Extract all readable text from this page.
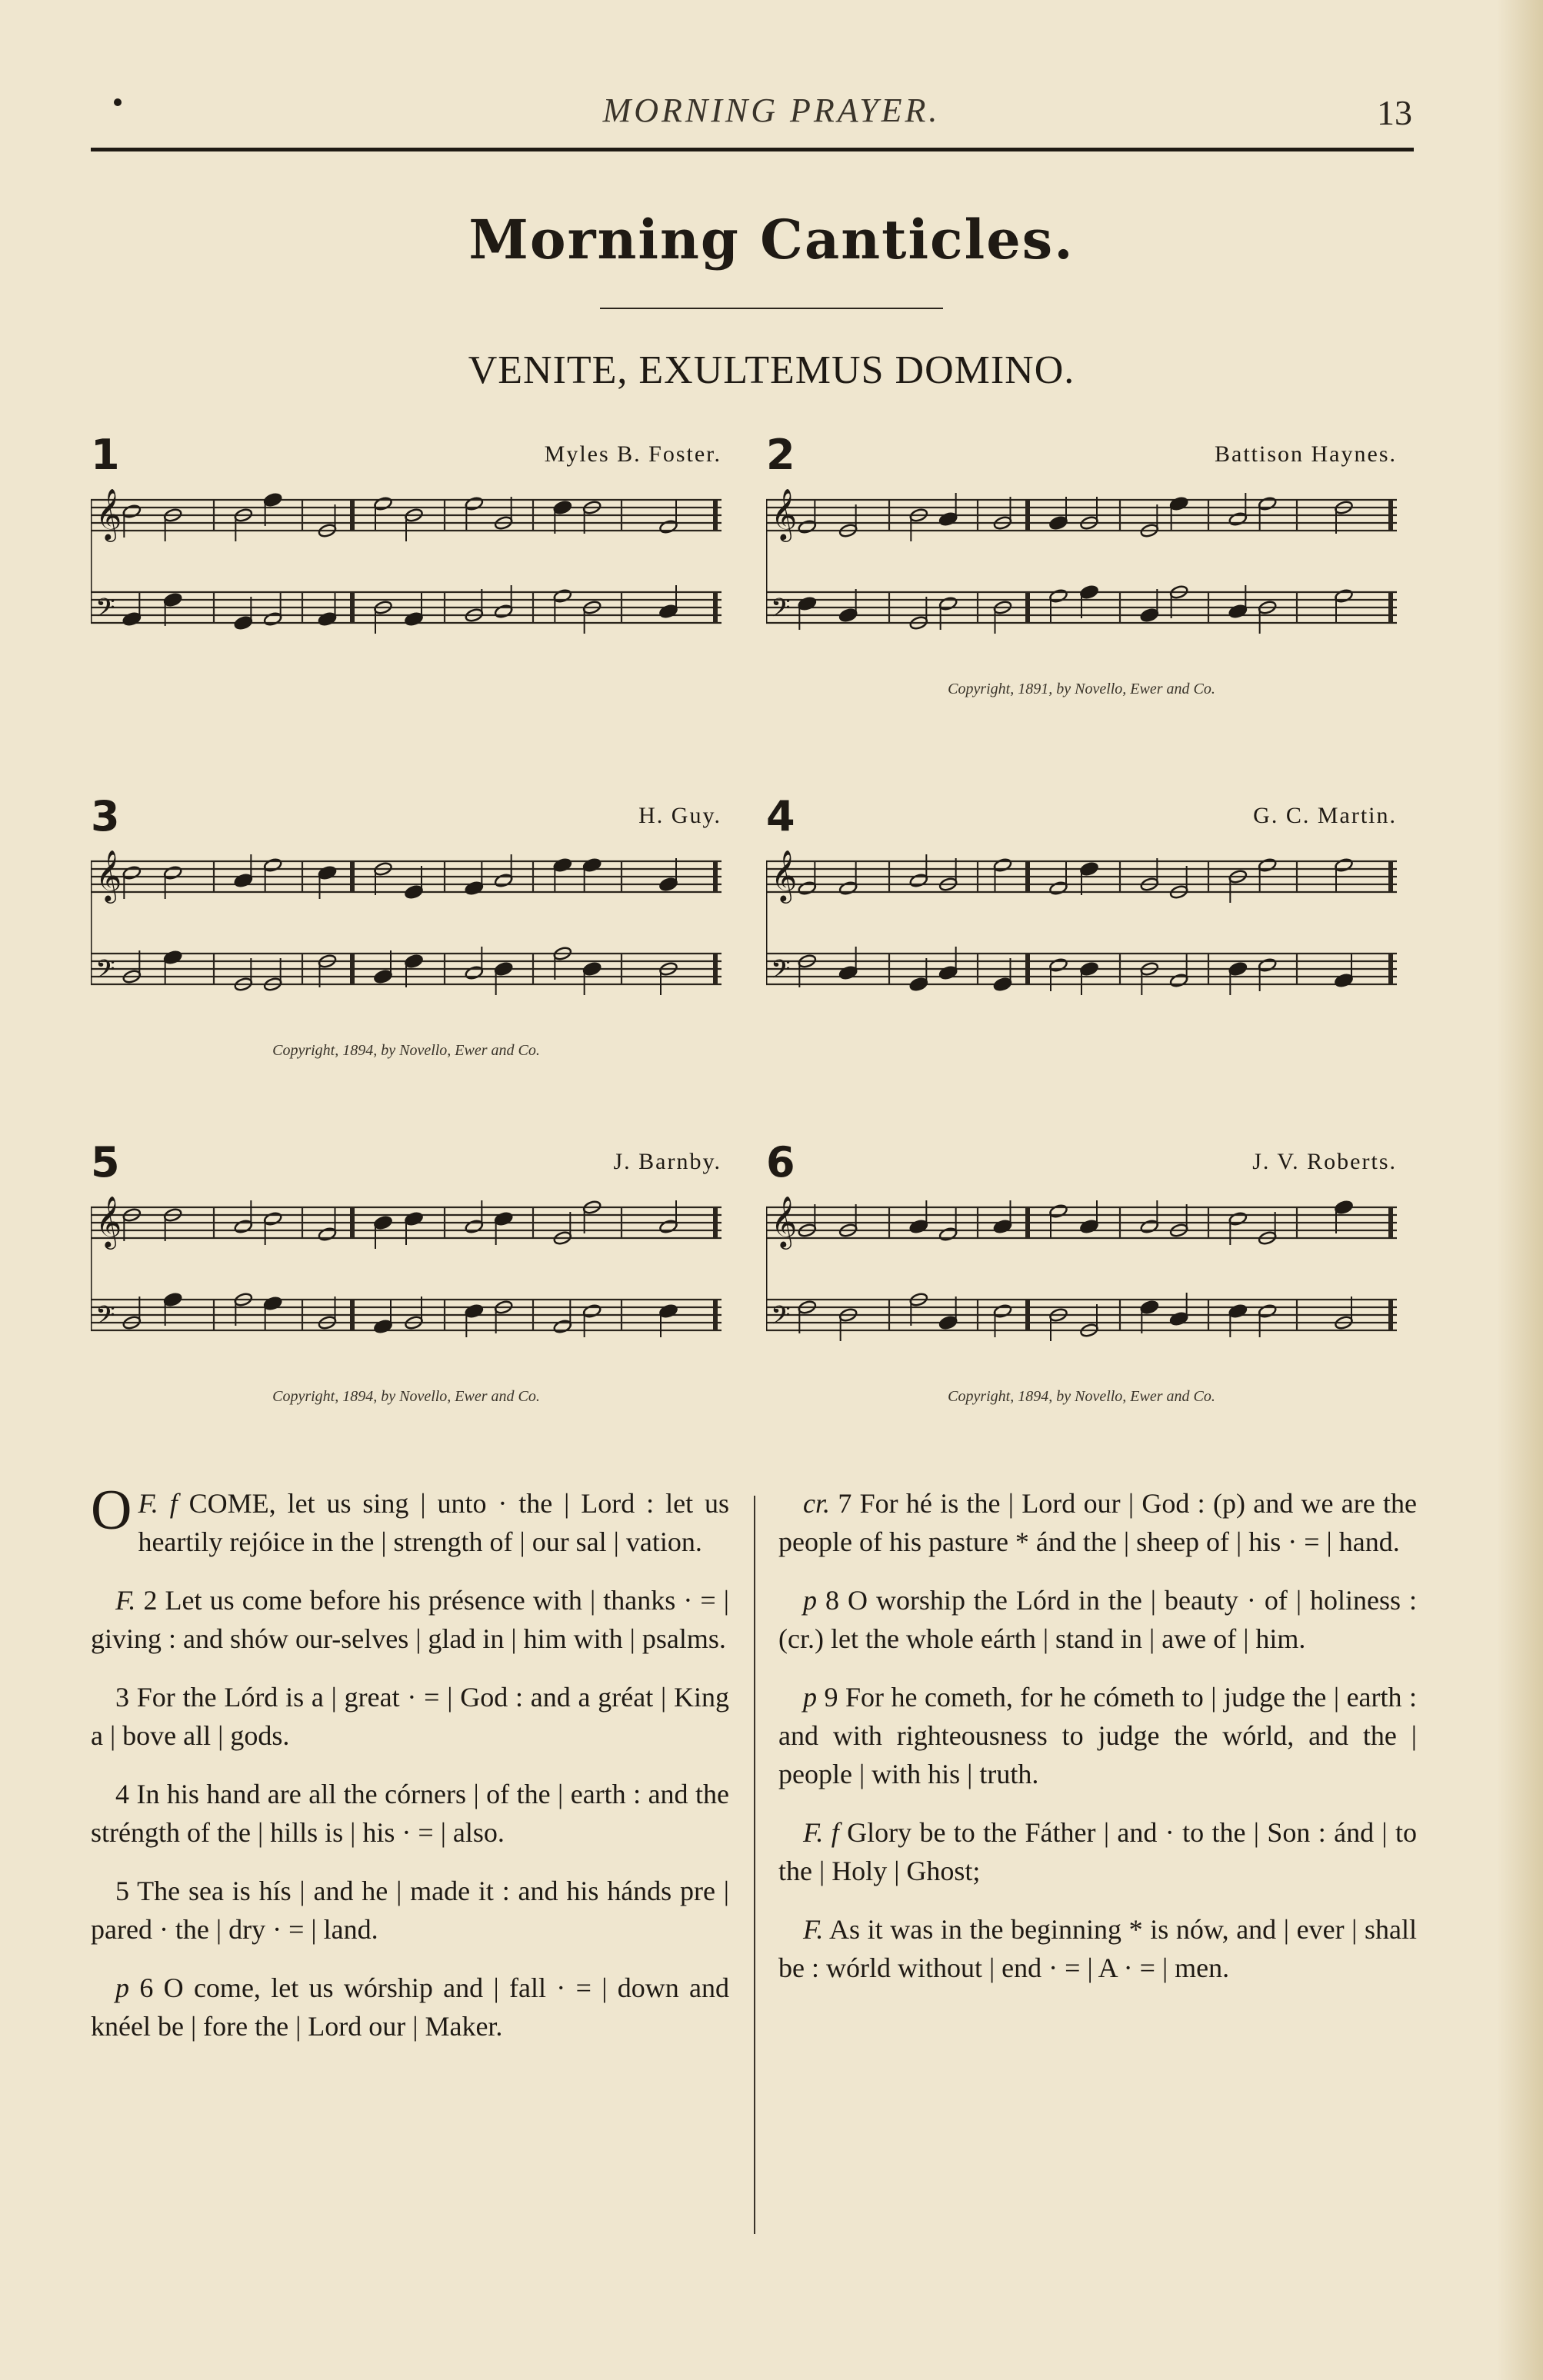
MORNING PRAYER.	13
Morning Canticles.
VENITE, EXULTEMUS DOMINO.
1	Myles B. Foster.
𝄞
𝄢
2	Battison Haynes.
𝄞
𝄢
Copyright, 1891, by Novello, Ewer and Co.
3	H. Guy.
𝄞
𝄢
Copyright, 1894, by Novello, Ewer and Co.
4	G. C. Martin.
𝄞
𝄢
5	J. Barnby.
𝄞
𝄢
Copyright, 1894, by Novello, Ewer and Co.
6	J. V. Roberts.
𝄞
𝄢
Copyright, 1894, by Novello, Ewer and Co.

F. f
O COME, let us sing | unto · the | Lord : let us heartily rejóice in the | strength of | our sal | vation.

F. 2 Let us come before his présence with | thanks · = | giving : and shów our-selves | glad in | him with | psalms.

3 For the Lórd is a | great · = | God : and a gréat | King a | bove all | gods.

4 In his hand are all the córners | of the | earth : and the stréngth of the | hills is | his · = | also.

5 The sea is hís | and he | made it : and his hánds pre | pared · the | dry · = | land.

p 6 O come, let us wórship and | fall · = | down and knéel be | fore the | Lord our | Maker.

cr. 7 For hé is the | Lord our | God : (p) and we are the people of his pasture * ánd the | sheep of | his · = | hand.

p 8 O worship the Lórd in the | beauty · of | holiness : (cr.) let the whole eárth | stand in | awe of | him.

p 9 For he cometh, for he cómeth to | judge the | earth : and with righteousness to judge the wórld, and the | people | with his | truth.

F. f Glory be to the Fáther | and · to the | Son : ánd | to the | Holy | Ghost;

F. As it was in the beginning * is nów, and | ever | shall be : wórld without | end · = | A · = | men.
